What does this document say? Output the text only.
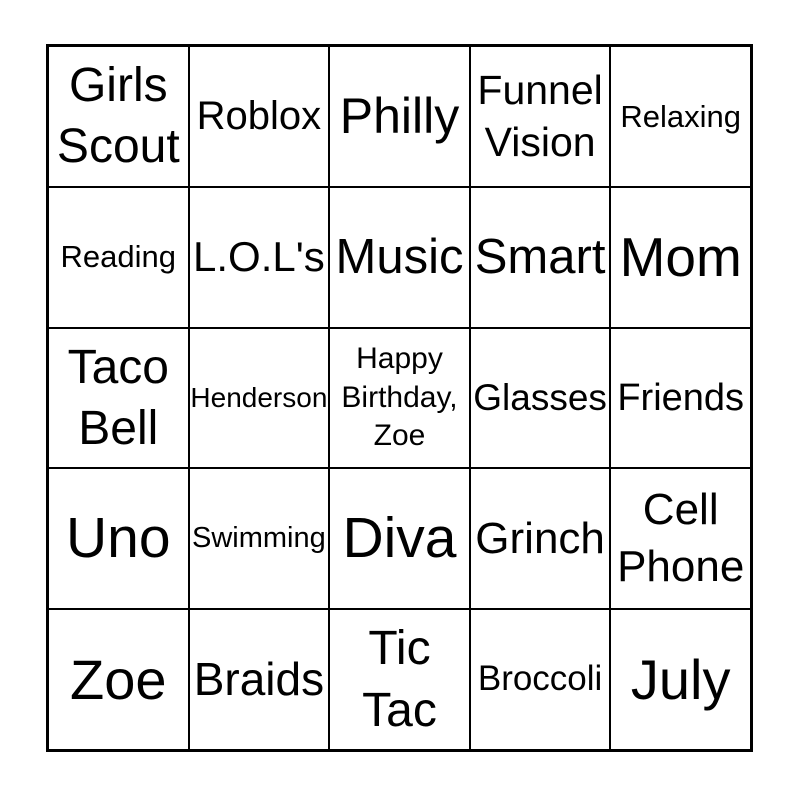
Girls Scout
Roblox Philly Funnel Vision
Relaxing
Reading L.O.L's Music Smart Mom
Taco Bell
Henderson
Happy Birthday, Zoe
Glasses Friends
Uno Swimming Diva Grinch
Cell Phone
Zoe Braids
Tic Tac
Broccoli July
